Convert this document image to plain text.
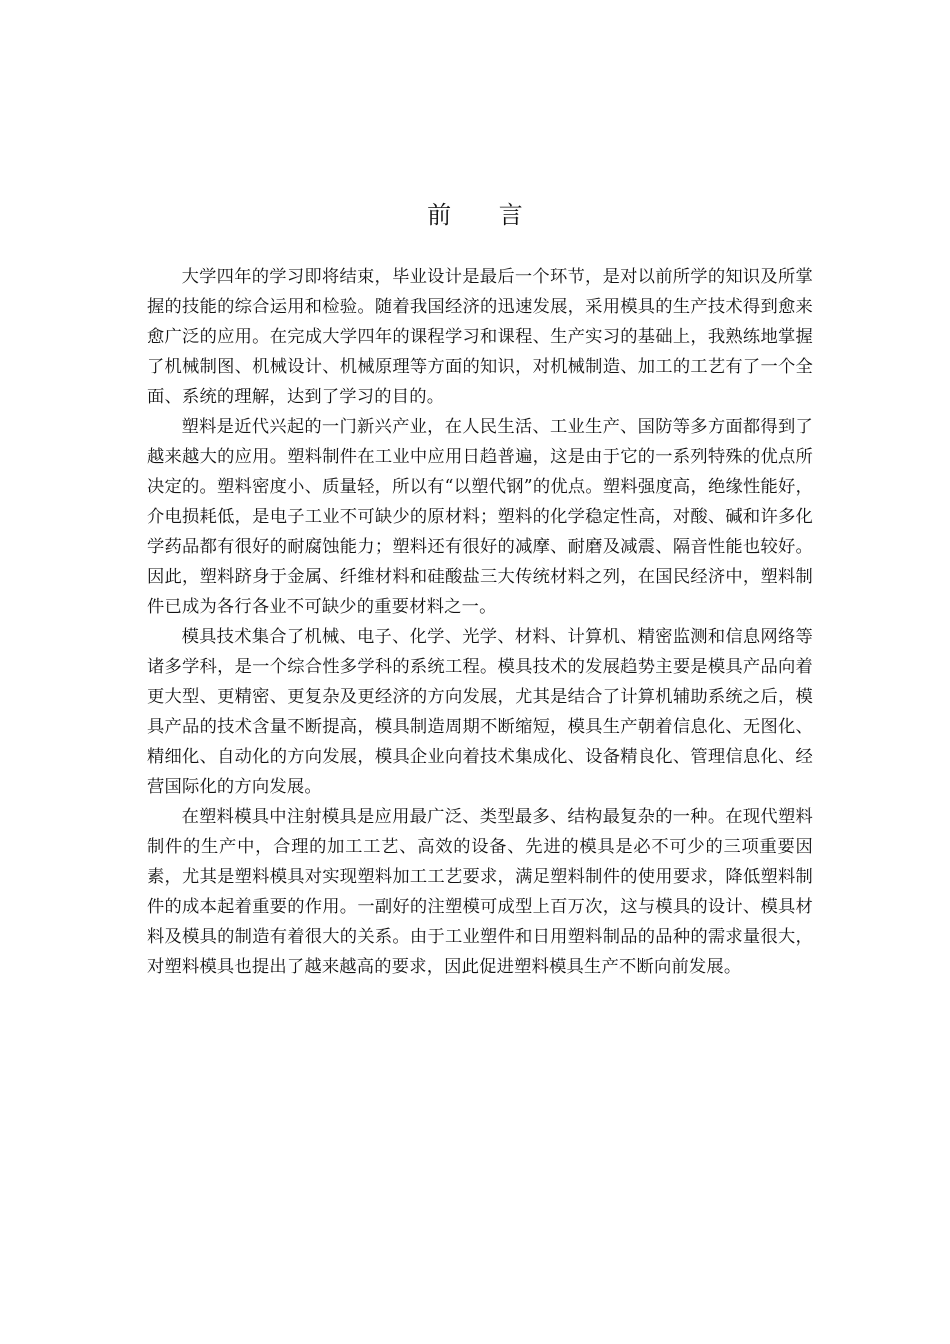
前 言

大学四年的学习即将结束，毕业设计是最后一个环节，是对以前所学的知识及所掌握的技能的综合运用和检验。随着我国经济的迅速发展，采用模具的生产技术得到愈来愈广泛的应用。在完成大学四年的课程学习和课程、生产实习的基础上，我熟练地掌握了机械制图、机械设计、机械原理等方面的知识，对机械制造、加工的工艺有了一个全面、系统的理解，达到了学习的目的。

塑料是近代兴起的一门新兴产业，在人民生活、工业生产、国防等多方面都得到了越来越大的应用。塑料制件在工业中应用日趋普遍，这是由于它的一系列特殊的优点所决定的。塑料密度小、质量轻，所以有“以塑代钢”的优点。塑料强度高，绝缘性能好，介电损耗低，是电子工业不可缺少的原材料；塑料的化学稳定性高，对酸、碱和许多化学药品都有很好的耐腐蚀能力；塑料还有很好的减摩、耐磨及减震、隔音性能也较好。因此，塑料跻身于金属、纤维材料和硅酸盐三大传统材料之列，在国民经济中，塑料制件已成为各行各业不可缺少的重要材料之一。

模具技术集合了机械、电子、化学、光学、材料、计算机、精密监测和信息网络等诸多学科，是一个综合性多学科的系统工程。模具技术的发展趋势主要是模具产品向着更大型、更精密、更复杂及更经济的方向发展，尤其是结合了计算机辅助系统之后，模具产品的技术含量不断提高，模具制造周期不断缩短，模具生产朝着信息化、无图化、精细化、自动化的方向发展，模具企业向着技术集成化、设备精良化、管理信息化、经营国际化的方向发展。

在塑料模具中注射模具是应用最广泛、类型最多、结构最复杂的一种。在现代塑料制件的生产中，合理的加工工艺、高效的设备、先进的模具是必不可少的三项重要因素，尤其是塑料模具对实现塑料加工工艺要求，满足塑料制件的使用要求，降低塑料制件的成本起着重要的作用。一副好的注塑模可成型上百万次，这与模具的设计、模具材料及模具的制造有着很大的关系。由于工业塑件和日用塑料制品的品种的需求量很大，对塑料模具也提出了越来越高的要求，因此促进塑料模具生产不断向前发展。
